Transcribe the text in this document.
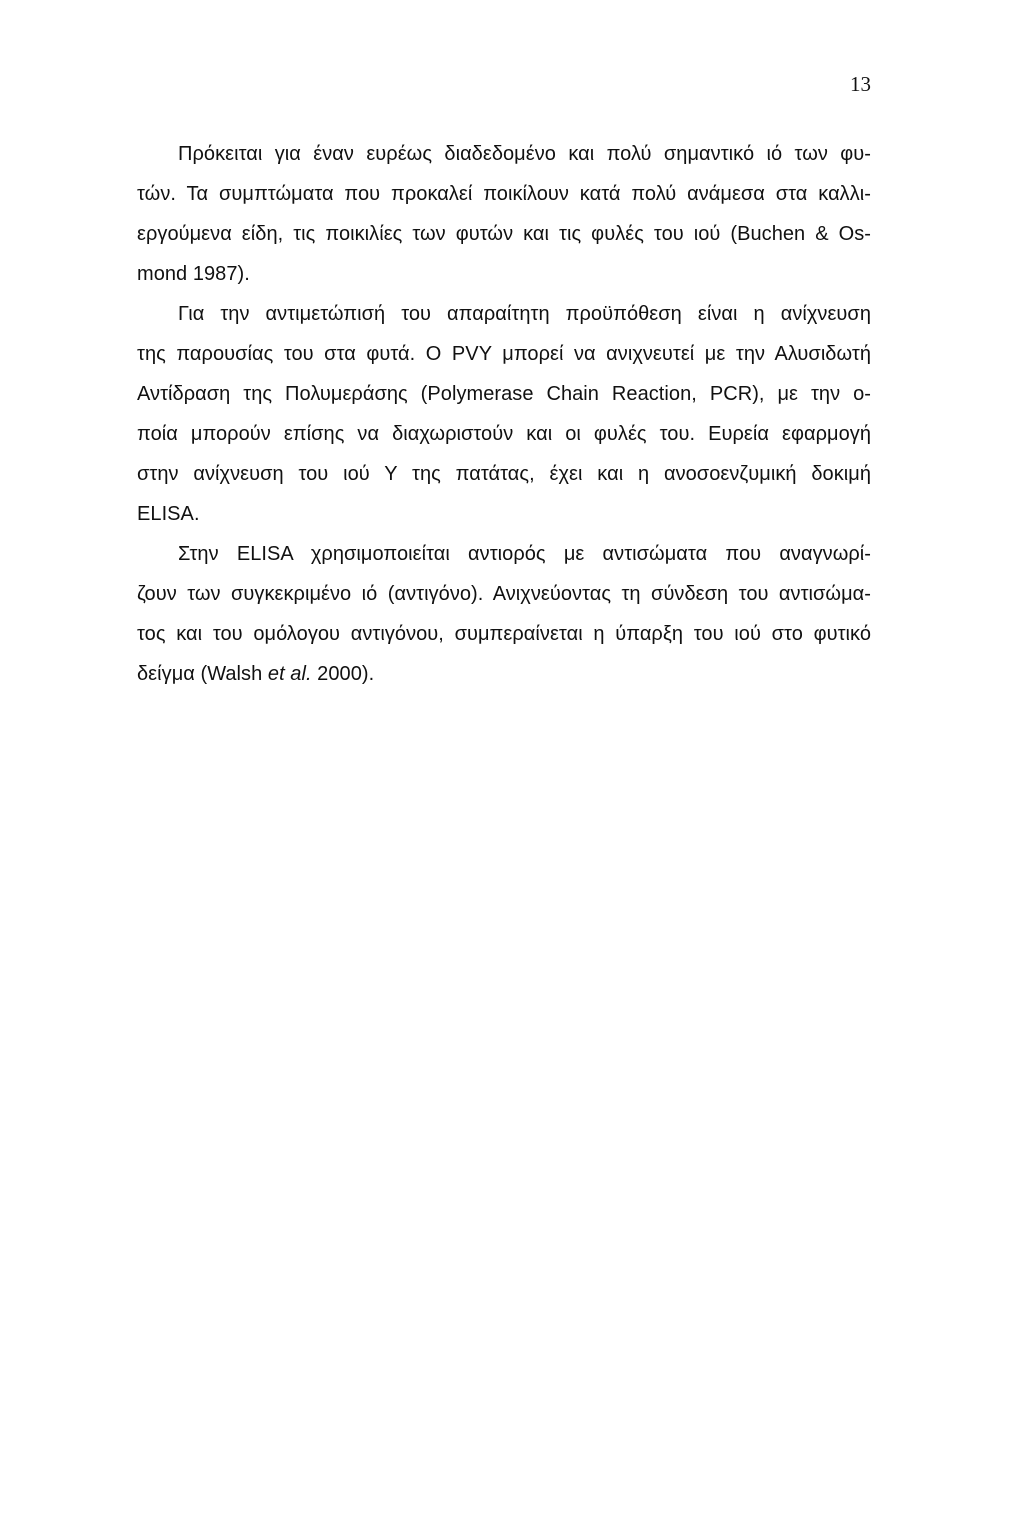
13
Πρόκειται για έναν ευρέως διαδεδομένο και πολύ σημαντικό ιό των φυ-
τών. Τα συμπτώματα που προκαλεί ποικίλουν κατά πολύ ανάμεσα στα καλλι-
εργούμενα είδη, τις ποικιλίες των φυτών και τις φυλές του ιού (Buchen & Os-
mond 1987).
Για την αντιμετώπισή του απαραίτητη προϋπόθεση είναι η ανίχνευση
της παρουσίας του στα φυτά. Ο PVY μπορεί να ανιχνευτεί με την Αλυσιδωτή
Αντίδραση της Πολυμεράσης (Polymerase Chain Reaction, PCR), με την ο-
ποία μπορούν επίσης να διαχωριστούν και οι φυλές του. Ευρεία εφαρμογή
στην ανίχνευση του ιού Υ της πατάτας, έχει και η ανοσοενζυμική δοκιμή
ELISA.
Στην ELISA χρησιμοποιείται αντιορός με αντισώματα που αναγνωρί-
ζουν των συγκεκριμένο ιό (αντιγόνο). Ανιχνεύοντας τη σύνδεση του αντισώμα-
τος και του ομόλογου αντιγόνου, συμπεραίνεται η ύπαρξη του ιού στο φυτικό
δείγμα (Walsh et al. 2000).
